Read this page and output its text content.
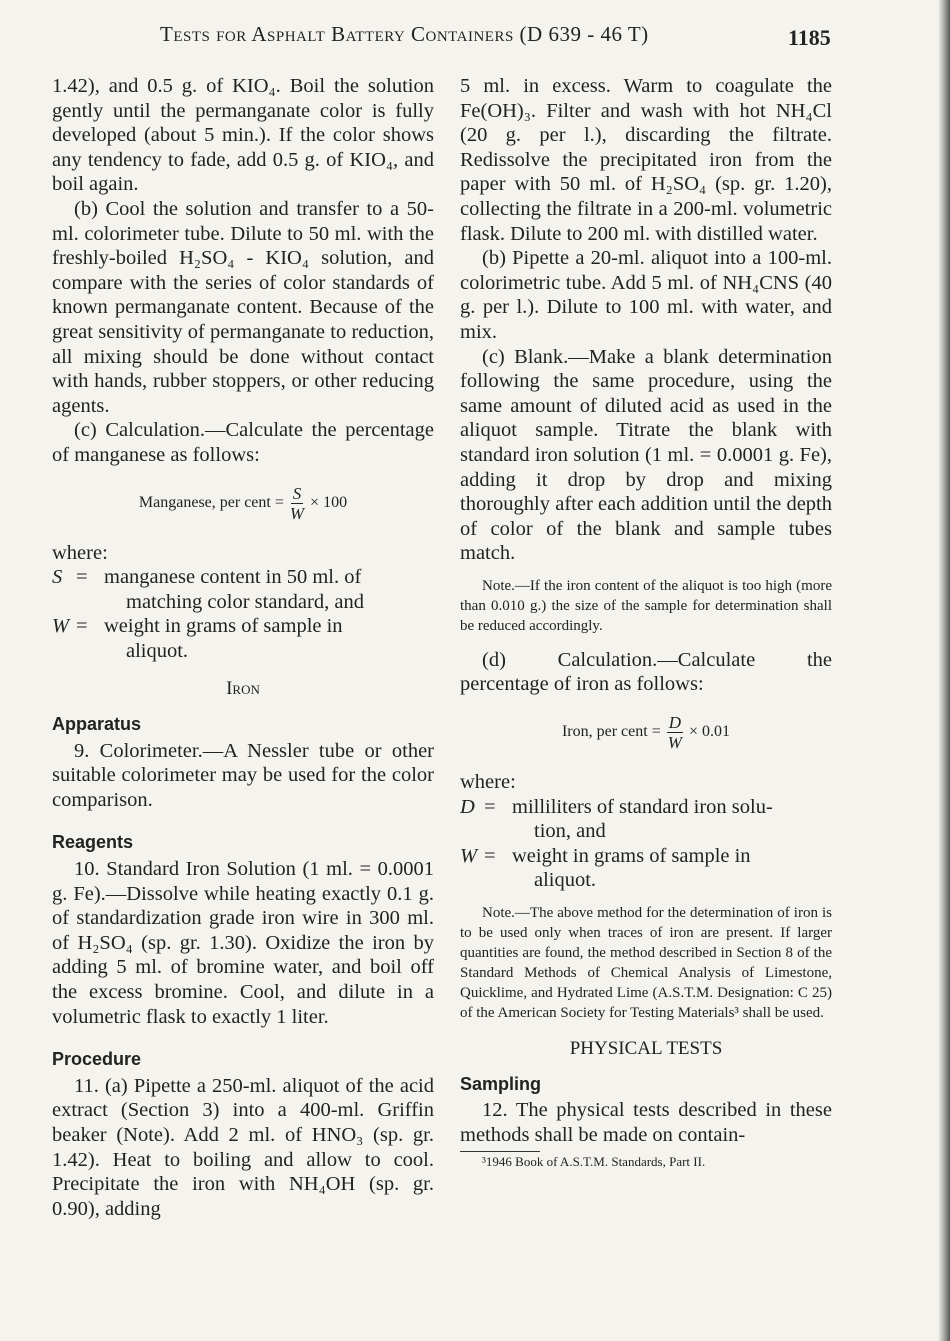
Tests for Asphalt Battery Containers (D 639 - 46 T)	1185

1.42), and 0.5 g. of KIO₄. Boil the solution gently until the permanganate color is fully developed (about 5 min.). If the color shows any tendency to fade, add 0.5 g. of KIO₄, and boil again.

(b) Cool the solution and transfer to a 50-ml. colorimeter tube. Dilute to 50 ml. with the freshly-boiled H₂SO₄ - KIO₄ solution, and compare with the series of color standards of known permanganate content. Because of the great sensitivity of permanganate to reduction, all mixing should be done without contact with hands, rubber stoppers, or other reducing agents.

(c) Calculation.—Calculate the percentage of manganese as follows:

Manganese, per cent = $\frac{S}{W} \times 100$

where:

S = manganese content in 50 ml. of
matching color standard, and
W = weight in grams of sample in
aliquot.

Iron

Apparatus

9. Colorimeter.—A Nessler tube or other suitable colorimeter may be used for the color comparison.

Reagents

10. Standard Iron Solution (1 ml. = 0.0001 g. Fe).—Dissolve while heating exactly 0.1 g. of standardization grade iron wire in 300 ml. of H₂SO₄ (sp. gr. 1.30). Oxidize the iron by adding 5 ml. of bromine water, and boil off the excess bromine. Cool, and dilute in a volumetric flask to exactly 1 liter.

Procedure

11. (a) Pipette a 250-ml. aliquot of the acid extract (Section 3) into a 400-ml. Griffin beaker (Note). Add 2 ml. of HNO₃ (sp. gr. 1.42). Heat to boiling and allow to cool. Precipitate the iron with NH₄OH (sp. gr. 0.90), adding

5 ml. in excess. Warm to coagulate the Fe(OH)₃. Filter and wash with hot NH₄Cl (20 g. per l.), discarding the filtrate. Redissolve the precipitated iron from the paper with 50 ml. of H₂SO₄ (sp. gr. 1.20), collecting the filtrate in a 200-ml. volumetric flask. Dilute to 200 ml. with distilled water.

(b) Pipette a 20-ml. aliquot into a 100-ml. colorimetric tube. Add 5 ml. of NH₄CNS (40 g. per l.). Dilute to 100 ml. with water, and mix.

(c) Blank.—Make a blank determination following the same procedure, using the same amount of diluted acid as used in the aliquot sample. Titrate the blank with standard iron solution (1 ml. = 0.0001 g. Fe), adding it drop by drop and mixing thoroughly after each addition until the depth of color of the blank and sample tubes match.

Note.—If the iron content of the aliquot is too high (more than 0.010 g.) the size of the sample for determination shall be reduced accordingly.

(d) Calculation.—Calculate the percentage of iron as follows:

Iron, per cent = $\frac{D}{W} \times 0.01$

where:

D = milliliters of standard iron solu-
tion, and
W = weight in grams of sample in
aliquot.

Note.—The above method for the determination of iron is to be used only when traces of iron are present. If larger quantities are found, the method described in Section 8 of the Standard Methods of Chemical Analysis of Limestone, Quicklime, and Hydrated Lime (A.S.T.M. Designation: C 25) of the American Society for Testing Materials³ shall be used.

PHYSICAL TESTS

Sampling

12. The physical tests described in these methods shall be made on contain-

³1946 Book of A.S.T.M. Standards, Part II.
